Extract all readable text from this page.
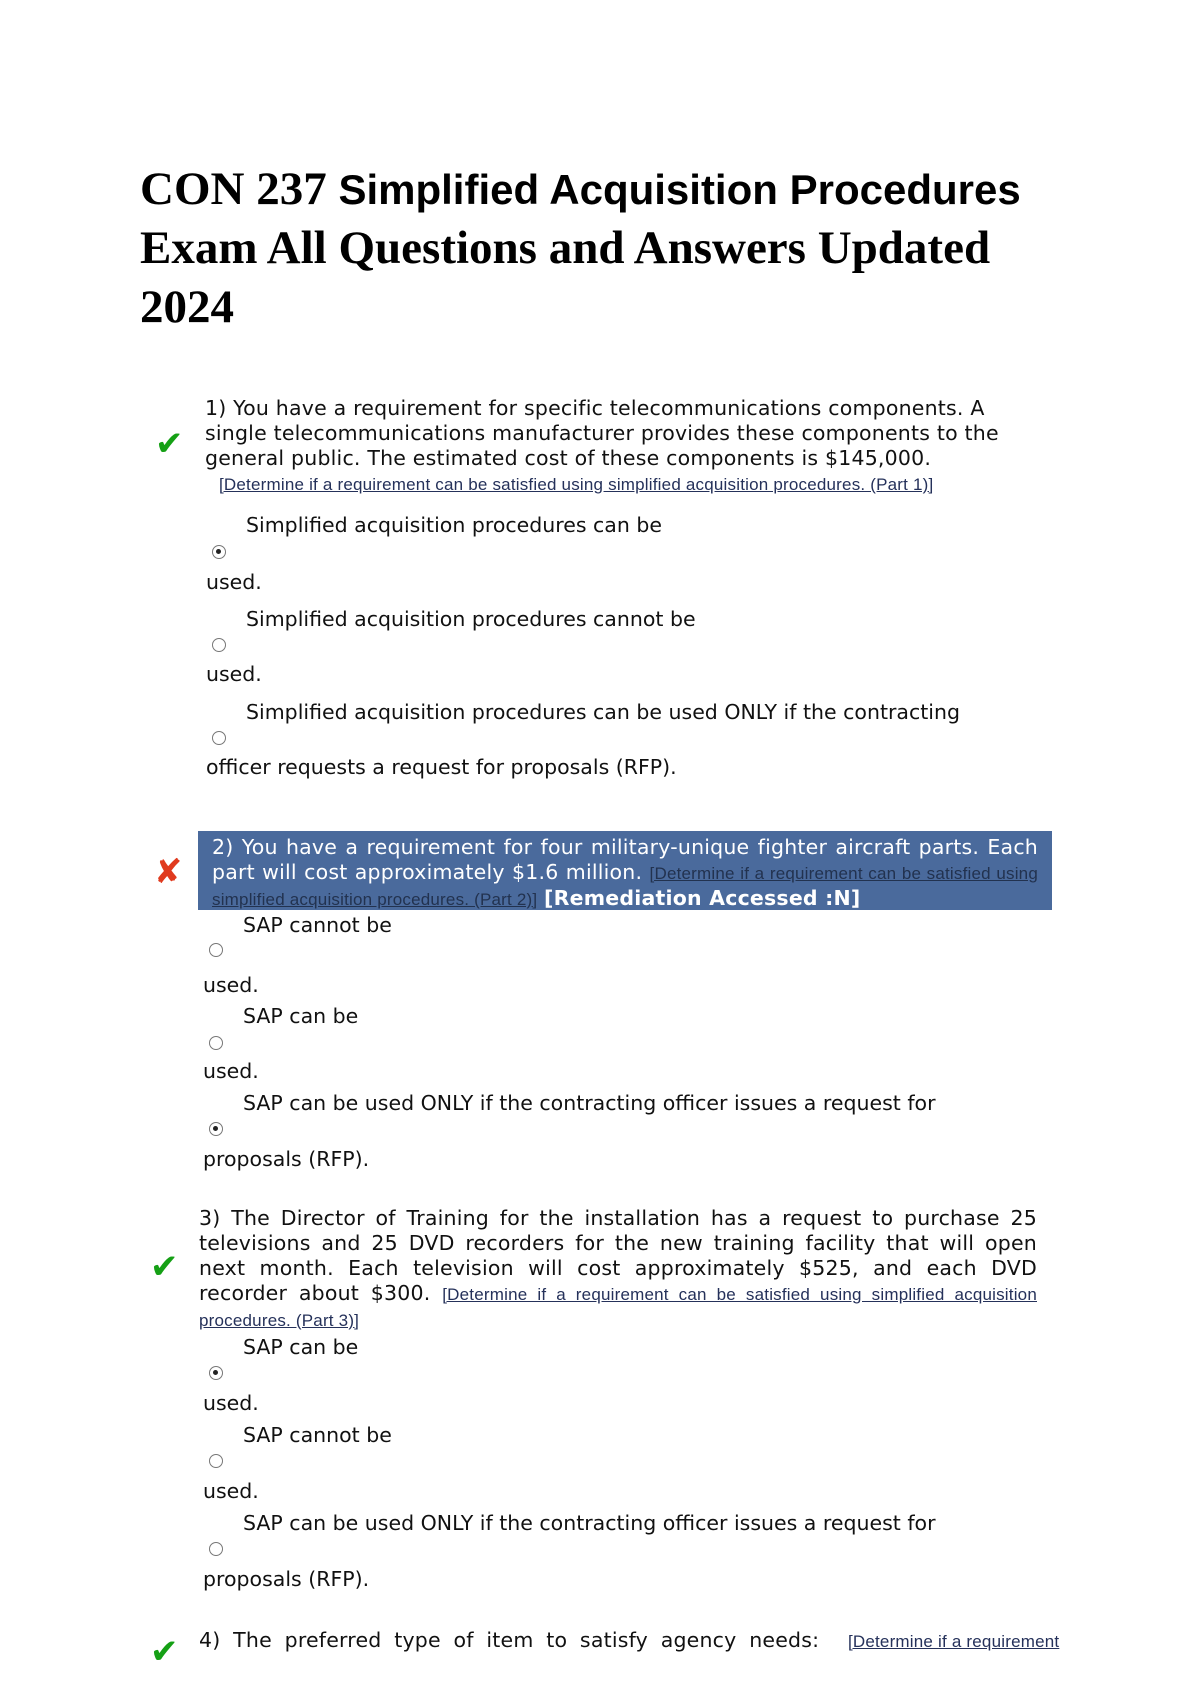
CON 237 Simplified Acquisition Procedures
Exam All Questions and Answers Updated
2024
✔
1) You have a requirement for specific telecommunications components. A single telecommunications manufacturer provides these components to the general public. The estimated cost of these components is $145,000.
[Determine if a requirement can be satisfied using simplified acquisition procedures. (Part 1)]
Simplified acquisition procedures can be
used.
Simplified acquisition procedures cannot be
used.
Simplified acquisition procedures can be used ONLY if the contracting
officer requests a request for proposals (RFP).
✘
2) You have a requirement for four military-unique fighter aircraft parts. Each part will cost approximately $1.6 million. [Determine if a requirement can be satisfied using simplified acquisition procedures. (Part 2)] [Remediation Accessed :N]
SAP cannot be
used.
SAP can be
used.
SAP can be used ONLY if the contracting officer issues a request for
proposals (RFP).
✔
3) The Director of Training for the installation has a request to purchase 25 televisions and 25 DVD recorders for the new training facility that will open next month. Each television will cost approximately $525, and each DVD recorder about $300. [Determine if a requirement can be satisfied using simplified acquisition procedures. (Part 3)]
SAP can be
used.
SAP cannot be
used.
SAP can be used ONLY if the contracting officer issues a request for
proposals (RFP).
✔ 4) The preferred type of item to satisfy agency needs: [Determine if a requirement
